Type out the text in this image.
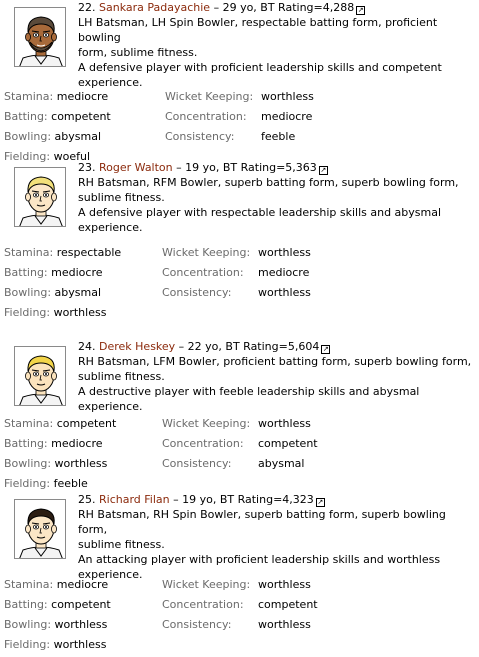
22. Sankara Padayachie – 29 yo, BT Rating=4,288 ↗
LH Batsman, LH Spin Bowler, respectable batting form, proficient bowling
form, sublime fitness.
A defensive player with proficient leadership skills and competent
experience.
Stamina: mediocre
Batting: competent
Bowling: abysmal
Fielding: woeful
Wicket Keeping: worthless
Concentration: mediocre
Consistency: feeble
23. Roger Walton – 19 yo, BT Rating=5,363 ↗
RH Batsman, RFM Bowler, superb batting form, superb bowling form,
sublime fitness.
A defensive player with respectable leadership skills and abysmal
experience.
Stamina: respectable
Batting: mediocre
Bowling: abysmal
Fielding: worthless
Wicket Keeping: worthless
Concentration: mediocre
Consistency: worthless
24. Derek Heskey – 22 yo, BT Rating=5,604 ↗
RH Batsman, LFM Bowler, proficient batting form, superb bowling form,
sublime fitness.
A destructive player with feeble leadership skills and abysmal experience.
Stamina: competent
Batting: mediocre
Bowling: worthless
Fielding: feeble
Wicket Keeping: worthless
Concentration: competent
Consistency: abysmal
25. Richard Filan – 19 yo, BT Rating=4,323 ↗
RH Batsman, RH Spin Bowler, superb batting form, superb bowling form,
sublime fitness.
An attacking player with proficient leadership skills and worthless
experience.
Stamina: mediocre
Batting: competent
Bowling: worthless
Fielding: worthless
Wicket Keeping: worthless
Concentration: competent
Consistency: worthless
